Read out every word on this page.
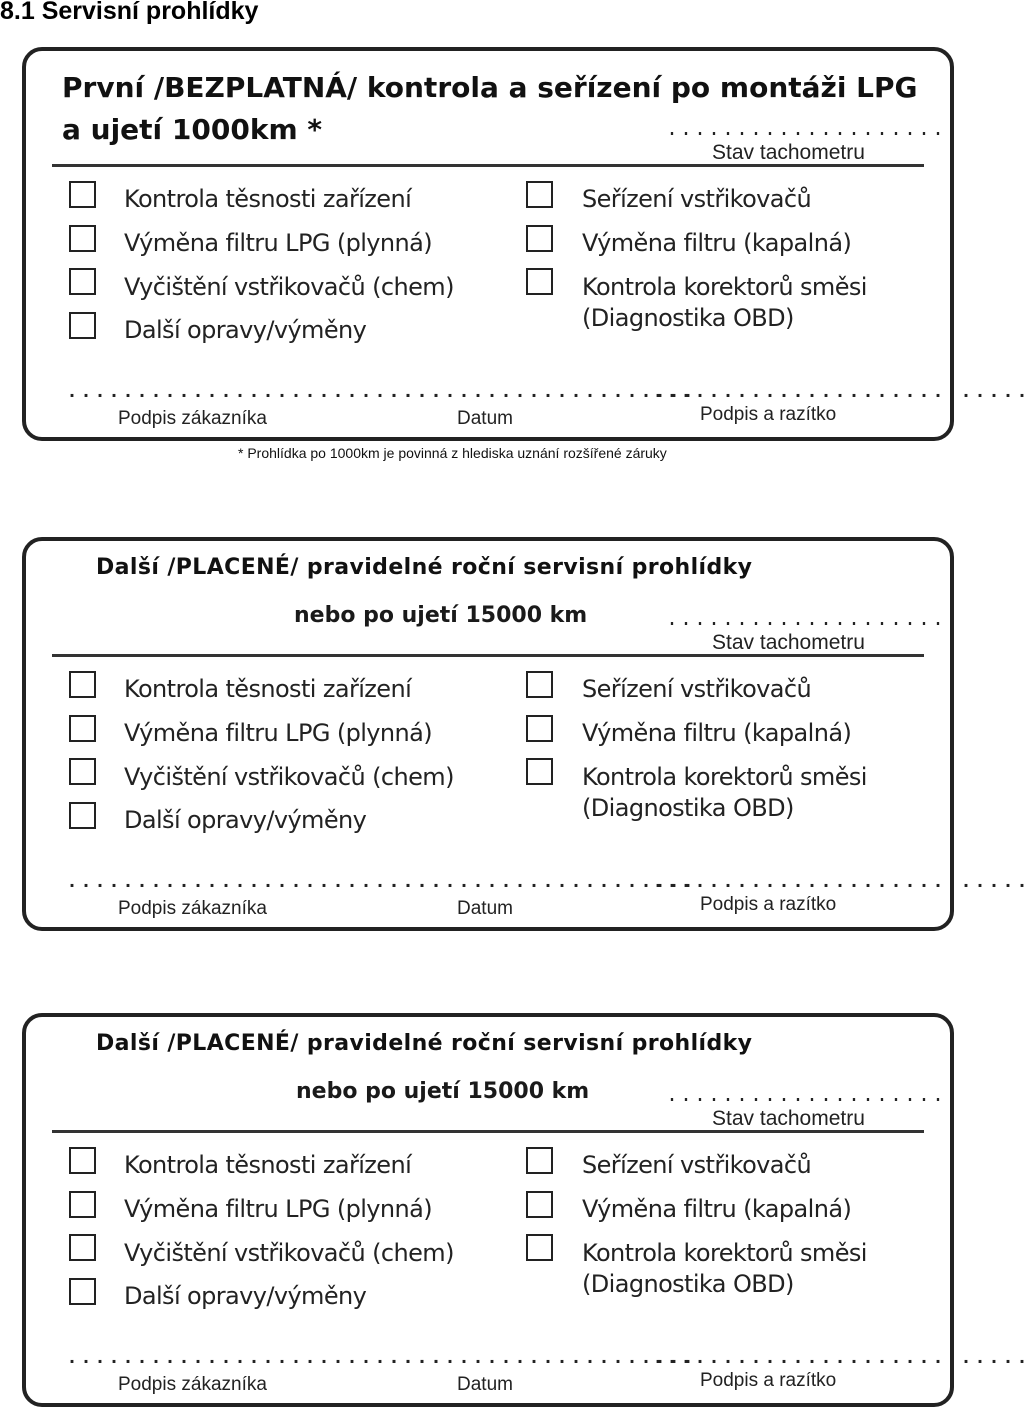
8.1 Servisní prohlídky
První /BEZPLATNÁ/ kontrola a seřízení po montáži LPG
a ujetí 1000km *	.....................
Stav tachometru
Kontrola těsnosti zařízení
Výměna filtru LPG (plynná)
Vyčištění vstřikovačů (chem)
Další opravy/výměny
Seřízení vstřikovačů
Výměna filtru (kapalná)
Kontrola korektorů směsi
(Diagnostika OBD)
...........................
Podpis zákazníka
......................
Datum
...........................
Podpis a razítko
* Prohlídka po 1000km je povinná z hlediska uznání rozšířené záruky
Další /PLACENÉ/ pravidelné roční servisní prohlídky
nebo po ujetí 15000 km	.....................
Stav tachometru
Kontrola těsnosti zařízení
Výměna filtru LPG (plynná)
Vyčištění vstřikovačů (chem)
Další opravy/výměny
Seřízení vstřikovačů
Výměna filtru (kapalná)
Kontrola korektorů směsi
(Diagnostika OBD)
...........................
Podpis zákazníka
......................
Datum
...........................
Podpis a razítko
Další /PLACENÉ/ pravidelné roční servisní prohlídky
nebo po ujetí 15000 km	.....................
Stav tachometru
Kontrola těsnosti zařízení
Výměna filtru LPG (plynná)
Vyčištění vstřikovačů (chem)
Další opravy/výměny
Seřízení vstřikovačů
Výměna filtru (kapalná)
Kontrola korektorů směsi
(Diagnostika OBD)
...........................
Podpis zákazníka
......................
Datum
...........................
Podpis a razítko
